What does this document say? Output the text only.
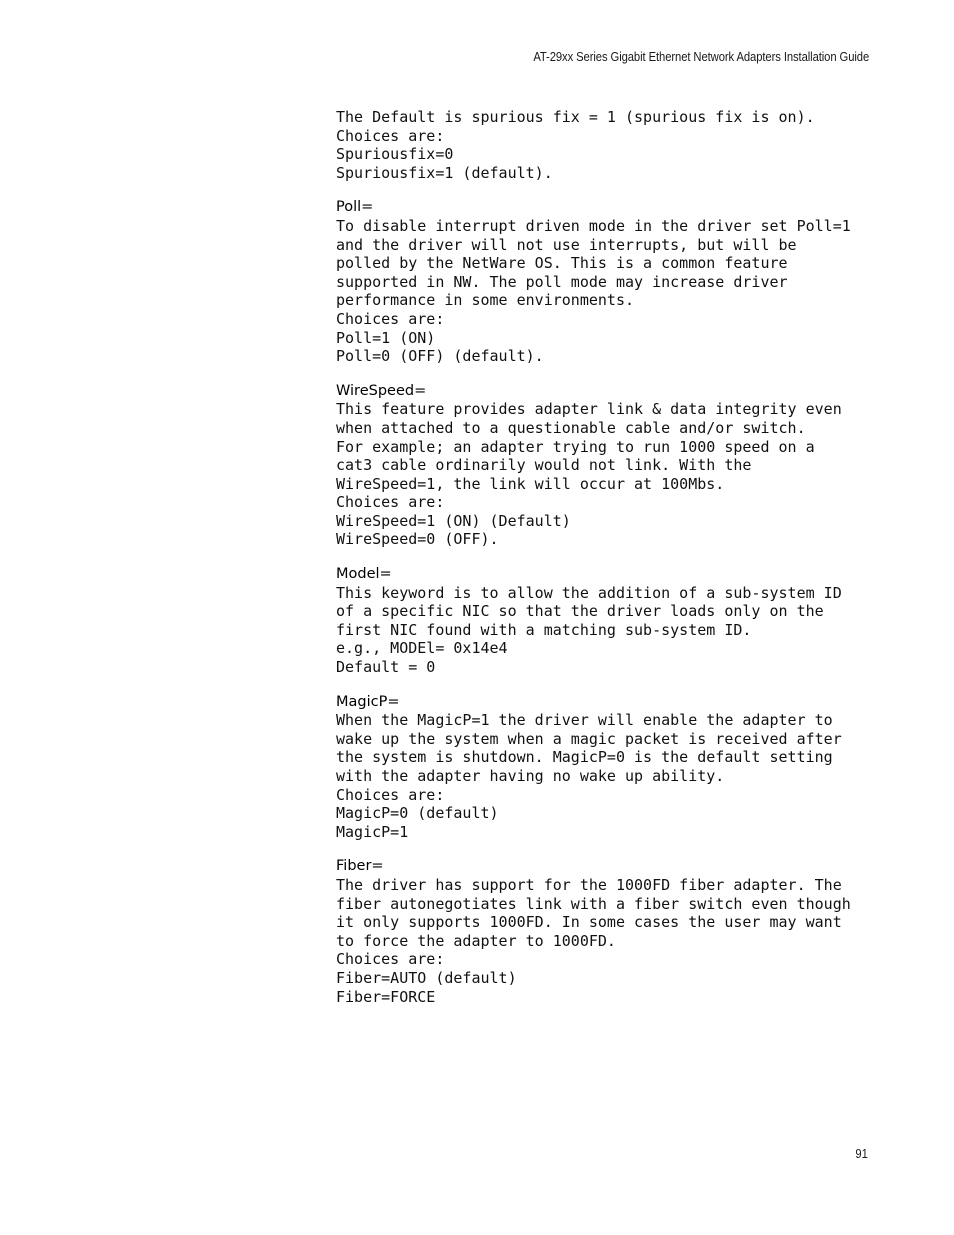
AT-29xx Series Gigabit Ethernet Network Adapters Installation Guide
The Default is spurious fix = 1 (spurious fix is on).
Choices are:
Spuriousfix=0
Spuriousfix=1 (default).
Poll=
To disable interrupt driven mode in the driver set Poll=1
and the driver will not use interrupts, but will be
polled by the NetWare OS. This is a common feature
supported in NW. The poll mode may increase driver
performance in some environments.
Choices are:
Poll=1 (ON)
Poll=0 (OFF) (default).
WireSpeed=
This feature provides adapter link & data integrity even
when attached to a questionable cable and/or switch.
For example; an adapter trying to run 1000 speed on a
cat3 cable ordinarily would not link. With the
WireSpeed=1, the link will occur at 100Mbs.
Choices are:
WireSpeed=1 (ON) (Default)
WireSpeed=0 (OFF).
Model=
This keyword is to allow the addition of a sub-system ID
of a specific NIC so that the driver loads only on the
first NIC found with a matching sub-system ID.
e.g., MODEl= 0x14e4
Default = 0
MagicP=
When the MagicP=1 the driver will enable the adapter to
wake up the system when a magic packet is received after
the system is shutdown. MagicP=0 is the default setting
with the adapter having no wake up ability.
Choices are:
MagicP=0 (default)
MagicP=1
Fiber=
The driver has support for the 1000FD fiber adapter. The
fiber autonegotiates link with a fiber switch even though
it only supports 1000FD. In some cases the user may want
to force the adapter to 1000FD.
Choices are:
Fiber=AUTO (default)
Fiber=FORCE
91
